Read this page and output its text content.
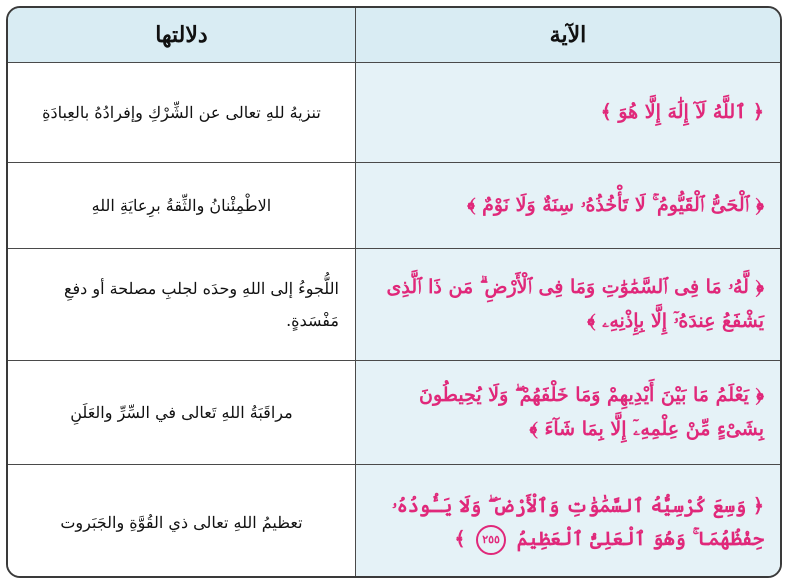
الآية	دلالتها
﴿ ٱللَّهُ لَآ إِلَٰهَ إِلَّا هُوَ ﴾	تنزيهُ للهِ تعالى عن الشِّرْكِ وإفرادُهُ بالعِبادَةِ
﴿ ٱلْحَىُّ ٱلْقَيُّومُ ۚ لَا تَأْخُذُهُۥ سِنَةٌ وَلَا نَوْمٌ ﴾	الاطْمِئْنانُ والثِّقةُ برِعايَةِ اللهِ
﴿ لَّهُۥ مَا فِى ٱلسَّمَٰوَٰتِ وَمَا فِى ٱلْأَرْضِ ۗ مَن ذَا ٱلَّذِى يَشْفَعُ عِندَهُۥٓ إِلَّا بِإِذْنِهِۦ ﴾	اللُّجوءُ إلى اللهِ وحدَه لجلبِ مصلحة أو دفعِ مَفْسَدةٍ.
﴿ يَعْلَمُ مَا بَيْنَ أَيْدِيهِمْ وَمَا خَلْفَهُمْ ۖ وَلَا يُحِيطُونَ بِشَىْءٍ مِّنْ عِلْمِهِۦٓ إِلَّا بِمَا شَآءَ ﴾	مراقَبَةُ اللهِ تَعالى في السِّرِّ والعَلَنِ
﴿ وَسِعَ كُرْسِيُّهُ ٱلسَّمَٰوَٰتِ وَٱلْأَرْضَ ۖ وَلَا يَـُٔودُهُۥ حِفْظُهُمَا ۚ وَهُوَ ٱلْعَلِىُّ ٱلْعَظِيمُ ٢٥٥ ﴾	تعظيمُ اللهِ تعالى ذي القُوَّةِ والجَبَروت
